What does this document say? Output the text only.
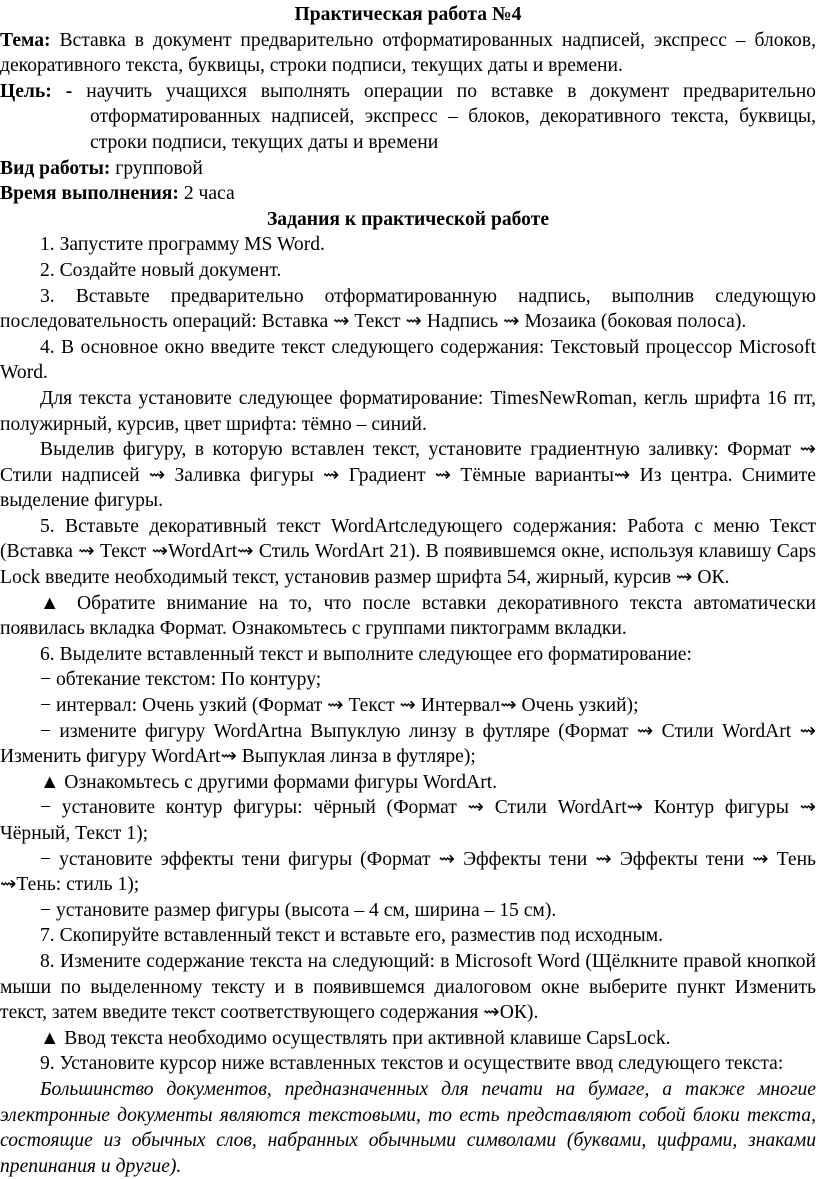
Практическая работа №4

Тема: Вставка в документ предварительно отформатированных надписей, экспресс – блоков, декоративного текста, буквицы, строки подписи, текущих даты и времени.

Цель: - научить учащихся выполнять операции по вставке в документ предварительно отформатированных надписей, экспресс – блоков, декоративного текста, буквицы, строки подписи, текущих даты и времени

Вид работы: групповой

Время выполнения: 2 часа

Задания к практической работе

1. Запустите программу MS Word.

2. Создайте новый документ.

3. Вставьте предварительно отформатированную надпись, выполнив следующую последовательность операций: Вставка ⇝ Текст ⇝ Надпись ⇝ Мозаика (боковая полоса).

4. В основное окно введите текст следующего содержания: Текстовый процессор Microsoft Word.

Для текста установите следующее форматирование: TimesNewRoman, кегль шрифта 16 пт, полужирный, курсив, цвет шрифта: тёмно – синий.

Выделив фигуру, в которую вставлен текст, установите градиентную заливку: Формат ⇝ Стили надписей ⇝ Заливка фигуры ⇝ Градиент ⇝ Тёмные варианты⇝ Из центра. Снимите выделение фигуры.

5. Вставьте декоративный текст WordArtследующего содержания: Работа с меню Текст (Вставка ⇝ Текст ⇝WordArt⇝ Стиль WordArt 21). В появившемся окне, используя клавишу Caps Lock введите необходимый текст, установив размер шрифта 54, жирный, курсив ⇝ ОК.

▲ Обратите внимание на то, что после вставки декоративного текста автоматически появилась вкладка Формат. Ознакомьтесь с группами пиктограмм вкладки.

6. Выделите вставленный текст и выполните следующее его форматирование:

− обтекание текстом: По контуру;

− интервал: Очень узкий (Формат ⇝ Текст ⇝ Интервал⇝ Очень узкий);

− измените фигуру WordArtна Выпуклую линзу в футляре (Формат ⇝ Стили WordArt ⇝ Изменить фигуру WordArt⇝ Выпуклая линза в футляре);

▲ Ознакомьтесь с другими формами фигуры WordArt.

− установите контур фигуры: чёрный (Формат ⇝ Стили WordArt⇝ Контур фигуры ⇝ Чёрный, Текст 1);

− установите эффекты тени фигуры (Формат ⇝ Эффекты тени ⇝ Эффекты тени ⇝ Тень ⇝Тень: стиль 1);

− установите размер фигуры (высота – 4 см, ширина – 15 см).

7. Скопируйте вставленный текст и вставьте его, разместив под исходным.

8. Измените содержание текста на следующий: в Microsoft Word (Щёлкните правой кнопкой мыши по выделенному тексту и в появившемся диалоговом окне выберите пункт Изменить текст, затем введите текст соответствующего содержания ⇝ОК).

▲ Ввод текста необходимо осуществлять при активной клавише CapsLock.

9. Установите курсор ниже вставленных текстов и осуществите ввод следующего текста:

Большинство документов, предназначенных для печати на бумаге, а также многие электронные документы являются текстовыми, то есть представляют собой блоки текста, состоящие из обычных слов, набранных обычными символами (буквами, цифрами, знаками препинания и другие).
